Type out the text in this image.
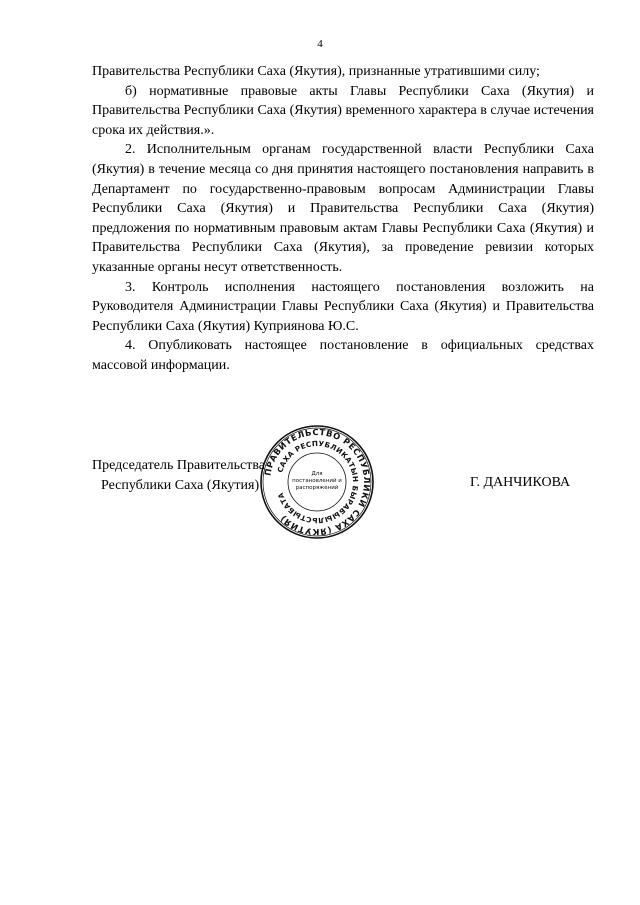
4

Правительства Республики Саха (Якутия), признанные утратившими силу;

б) нормативные правовые акты Главы Республики Саха (Якутия) и Правительства Республики Саха (Якутия) временного характера в случае истечения срока их действия.».

2. Исполнительным органам государственной власти Республики Саха (Якутия) в течение месяца со дня принятия настоящего постановления направить в Департамент по государственно-правовым вопросам Администрации Главы Республики Саха (Якутия) и Правительства Республики Саха (Якутия) предложения по нормативным правовым актам Главы Республики Саха (Якутия) и Правительства Республики Саха (Якутия), за проведение ревизии которых указанные органы несут ответственность.

3. Контроль исполнения настоящего постановления возложить на Руководителя Администрации Главы Республики Саха (Якутия) и Правительства Республики Саха (Якутия) Куприянова Ю.С.

4. Опубликовать настоящее постановление в официальных средствах массовой информации.

Председатель Правительства
Республики Саха (Якутия)	Г. ДАНЧИКОВА
ПРАВИТЕЛЬСТВО РЕСПУБЛИКИ САХА (ЯКУТИЯ)
САХА РЕСПУБЛИКАТЫН БЫРАБЫЫЛЬСТЫБАТА
Для
постановлений и
распоряжений
